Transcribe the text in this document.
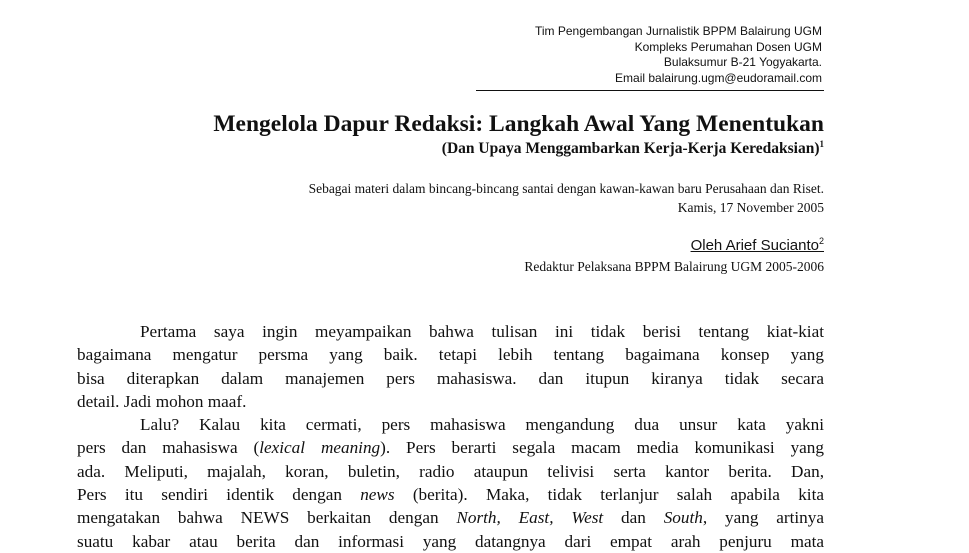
Tim Pengembangan Jurnalistik BPPM Balairung UGM
Kompleks Perumahan Dosen UGM
Bulaksumur B-21 Yogyakarta.
Email balairung.ugm@eudoramail.com
Mengelola Dapur Redaksi: Langkah Awal Yang Menentukan
(Dan Upaya Menggambarkan Kerja-Kerja Keredaksian)$^1$
Sebagai materi dalam bincang-bincang santai dengan kawan-kawan baru Perusahaan dan Riset.
Kamis, 17 November 2005
Oleh Arief Sucianto$^2$
Redaktur Pelaksana BPPM Balairung UGM 2005-2006
Pertama saya ingin meyampaikan bahwa tulisan ini tidak berisi tentang kiat-kiat
bagaimana mengatur persma yang baik. tetapi lebih tentang bagaimana konsep yang
bisa diterapkan dalam manajemen pers mahasiswa. dan itupun kiranya tidak secara
detail. Jadi mohon maaf.
Lalu? Kalau kita cermati, pers mahasiswa mengandung dua unsur kata yakni
pers dan mahasiswa (lexical meaning). Pers berarti segala macam media komunikasi yang
ada. Meliputi, majalah, koran, buletin, radio ataupun telivisi serta kantor berita. Dan,
Pers itu sendiri identik dengan news (berita). Maka, tidak terlanjur salah apabila kita
mengatakan bahwa NEWS berkaitan dengan North, East, West dan South, yang artinya
suatu kabar atau berita dan informasi yang datangnya dari empat arah penjuru mata
